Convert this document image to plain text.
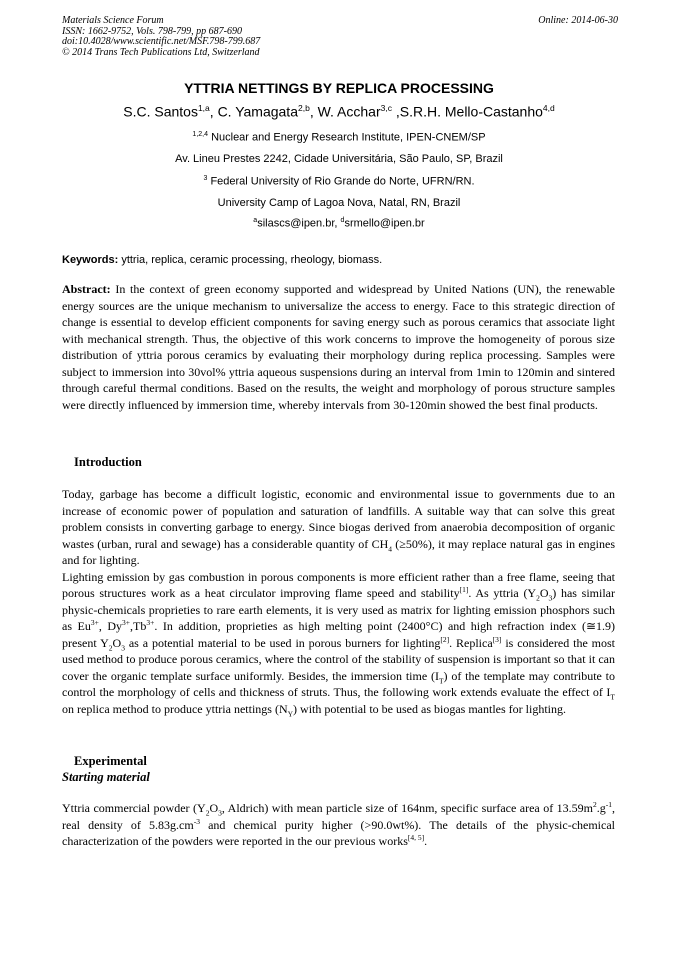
Materials Science Forum
ISSN: 1662-9752, Vols. 798-799, pp 687-690
doi:10.4028/www.scientific.net/MSF.798-799.687
© 2014 Trans Tech Publications Ltd, Switzerland
Online: 2014-06-30
YTTRIA NETTINGS BY REPLICA PROCESSING
S.C. Santos$^{1,a}$, C. Yamagata$^{2,b}$, W. Acchar$^{3,c}$ ,S.R.H. Mello-Castanho$^{4,d}$
$^{1,2,4}$ Nuclear and Energy Research Institute, IPEN-CNEM/SP
Av. Lineu Prestes 2242, Cidade Universitária, São Paulo, SP, Brazil
$^3$ Federal University of Rio Grande do Norte, UFRN/RN.
University Camp of Lagoa Nova, Natal, RN, Brazil
$^a$silascs@ipen.br, $^d$srmello@ipen.br
Keywords: yttria, replica, ceramic processing, rheology, biomass.
Abstract: In the context of green economy supported and widespread by United Nations (UN), the renewable energy sources are the unique mechanism to universalize the access to energy. Face to this strategic direction of change is essential to develop efficient components for saving energy such as porous ceramics that associate light with mechanical strength. Thus, the objective of this work concerns to improve the homogeneity of porous size distribution of yttria porous ceramics by evaluating their morphology during replica processing. Samples were subject to immersion into 30vol% yttria aqueous suspensions during an interval from 1min to 120min and sintered through careful thermal conditions. Based on the results, the weight and morphology of porous structure samples were directly influenced by immersion time, whereby intervals from 30-120min showed the best final products.
Introduction
Today, garbage has become a difficult logistic, economic and environmental issue to governments due to an increase of economic power of population and saturation of landfills. A suitable way that can solve this great problem consists in converting garbage to energy. Since biogas derived from anaerobia decomposition of organic wastes (urban, rural and sewage) has a considerable quantity of $CH_4$ (≥50%), it may replace natural gas in engines and for lighting.
Lighting emission by gas combustion in porous components is more efficient rather than a free flame, seeing that porous structures work as a heat circulator improving flame speed and stability[1]. As yttria $(Y_2O_3)$ has similar physic-chemicals proprieties to rare earth elements, it is very used as matrix for lighting emission phosphors such as $Eu^{3+}$, $Dy^{3+},Tb^{3+}$. In addition, proprieties as high melting point (2400°C) and high refraction index (≅1.9) present $Y_2O_3$ as a potential material to be used in porous burners for lighting[2]. Replica[3] is considered the most used method to produce porous ceramics, where the control of the stability of suspension is important so that it can cover the organic template surface uniformly. Besides, the immersion time $(I_T)$ of the template may contribute to control the morphology of cells and thickness of struts. Thus, the following work extends evaluate the effect of $I_T$ on replica method to produce yttria nettings $(N_Y)$ with potential to be used as biogas mantles for lighting.
Experimental
Starting material
Yttria commercial powder ($Y_2O_3$, Aldrich) with mean particle size of 164nm, specific surface area of $13.59m^2.g^{-1}$, real density of $5.83g.cm^{-3}$ and chemical purity higher (>90.0wt%). The details of the physic-chemical characterization of the powders were reported in the our previous works[4, 5].
